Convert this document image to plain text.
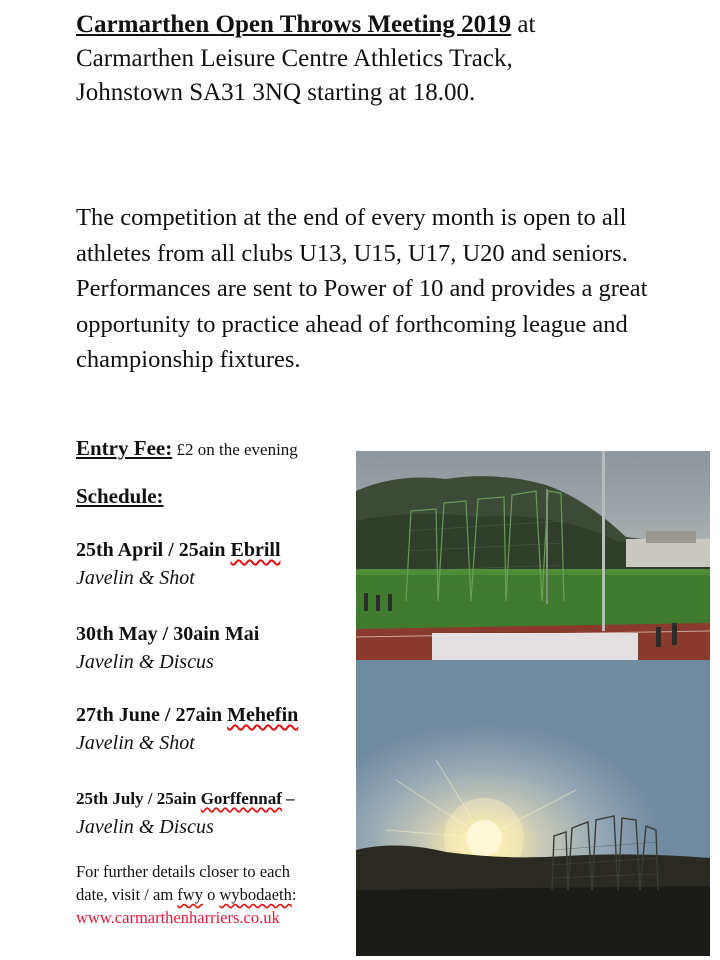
Carmarthen Open Throws Meeting 2019 at
Carmarthen Leisure Centre Athletics Track,
Johnstown SA31 3NQ starting at 18.00.
The competition at the end of every month is open to all athletes from all clubs U13, U15, U17, U20 and seniors. Performances are sent to Power of 10 and provides a great opportunity to practice ahead of forthcoming league and championship fixtures.
Entry Fee: £2 on the evening
Schedule:
25th April / 25ain Ebrill
Javelin & Shot
30th May / 30ain Mai
Javelin & Discus
27th June / 27ain Mehefin
Javelin & Shot
25th July / 25ain Gorffennaf –
Javelin & Discus
For further details closer to each
date, visit / am fwy o wybodaeth:
www.carmarthenharriers.co.uk
